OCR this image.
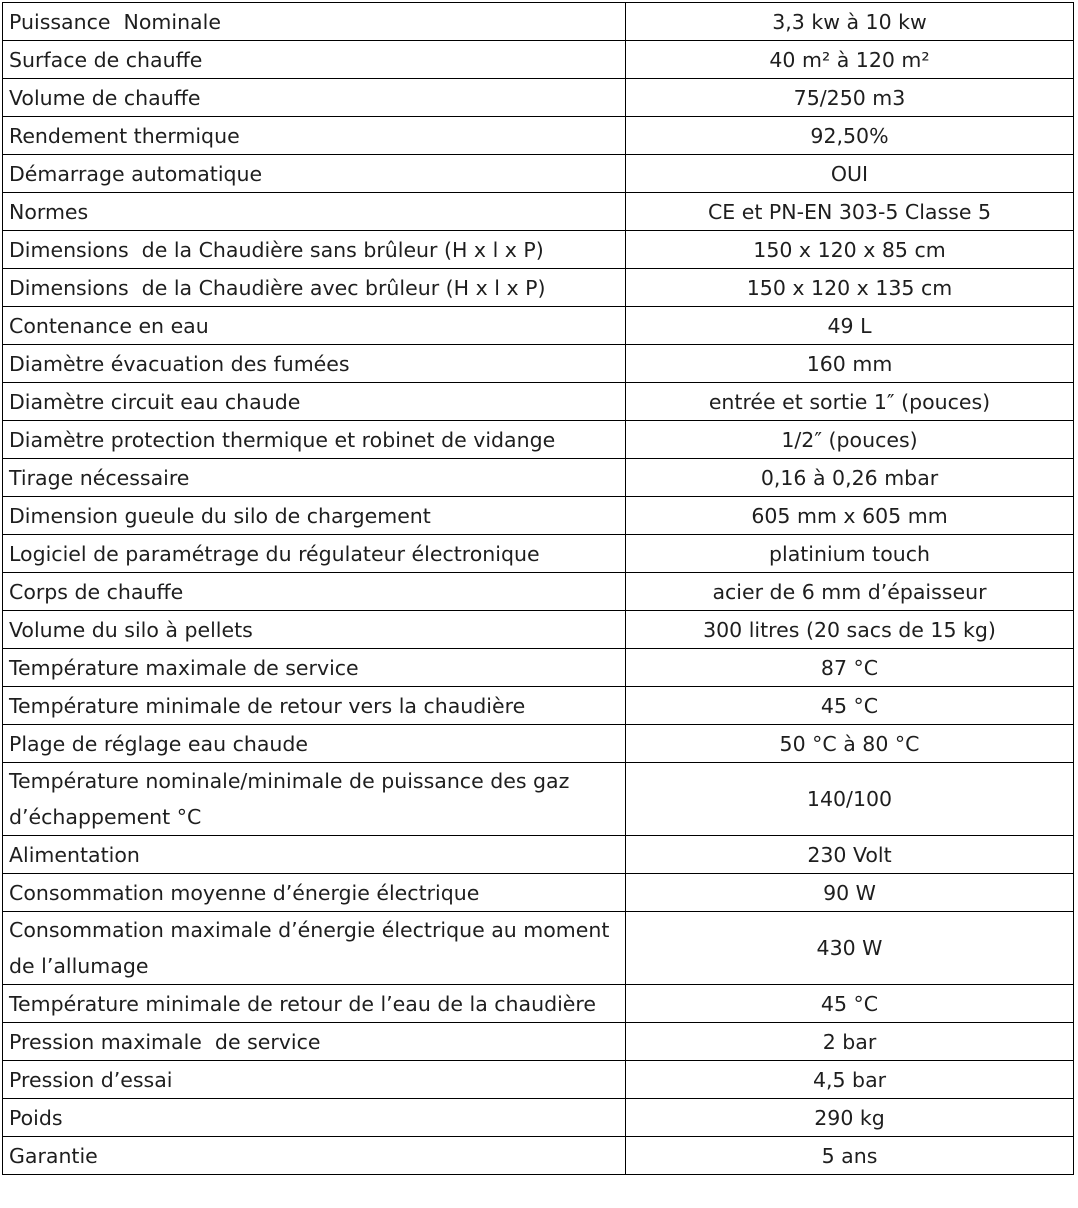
Puissance  Nominale	3,3 kw à 10 kw
Surface de chauffe	40 m² à 120 m²
Volume de chauffe	75/250 m3
Rendement thermique	92,50%
Démarrage automatique	OUI
Normes	CE et PN-EN 303-5 Classe 5
Dimensions  de la Chaudière sans brûleur (H x l x P)	150 x 120 x 85 cm
Dimensions  de la Chaudière avec brûleur (H x l x P)	150 x 120 x 135 cm
Contenance en eau	49 L
Diamètre évacuation des fumées	160 mm
Diamètre circuit eau chaude	entrée et sortie 1″ (pouces)
Diamètre protection thermique et robinet de vidange	1/2″ (pouces)
Tirage nécessaire	0,16 à 0,26 mbar
Dimension gueule du silo de chargement	605 mm x 605 mm
Logiciel de paramétrage du régulateur électronique	platinium touch
Corps de chauffe	acier de 6 mm d’épaisseur
Volume du silo à pellets	300 litres (20 sacs de 15 kg)
Température maximale de service	87 °C
Température minimale de retour vers la chaudière	45 °C
Plage de réglage eau chaude	50 °C à 80 °C
Température nominale/minimale de puissance des gaz d’échappement °C	140/100
Alimentation	230 Volt
Consommation moyenne d’énergie électrique	90 W
Consommation maximale d’énergie électrique au moment de l’allumage	430 W
Température minimale de retour de l’eau de la chaudière	45 °C
Pression maximale  de service	2 bar
Pression d’essai	4,5 bar
Poids	290 kg
Garantie	5 ans
